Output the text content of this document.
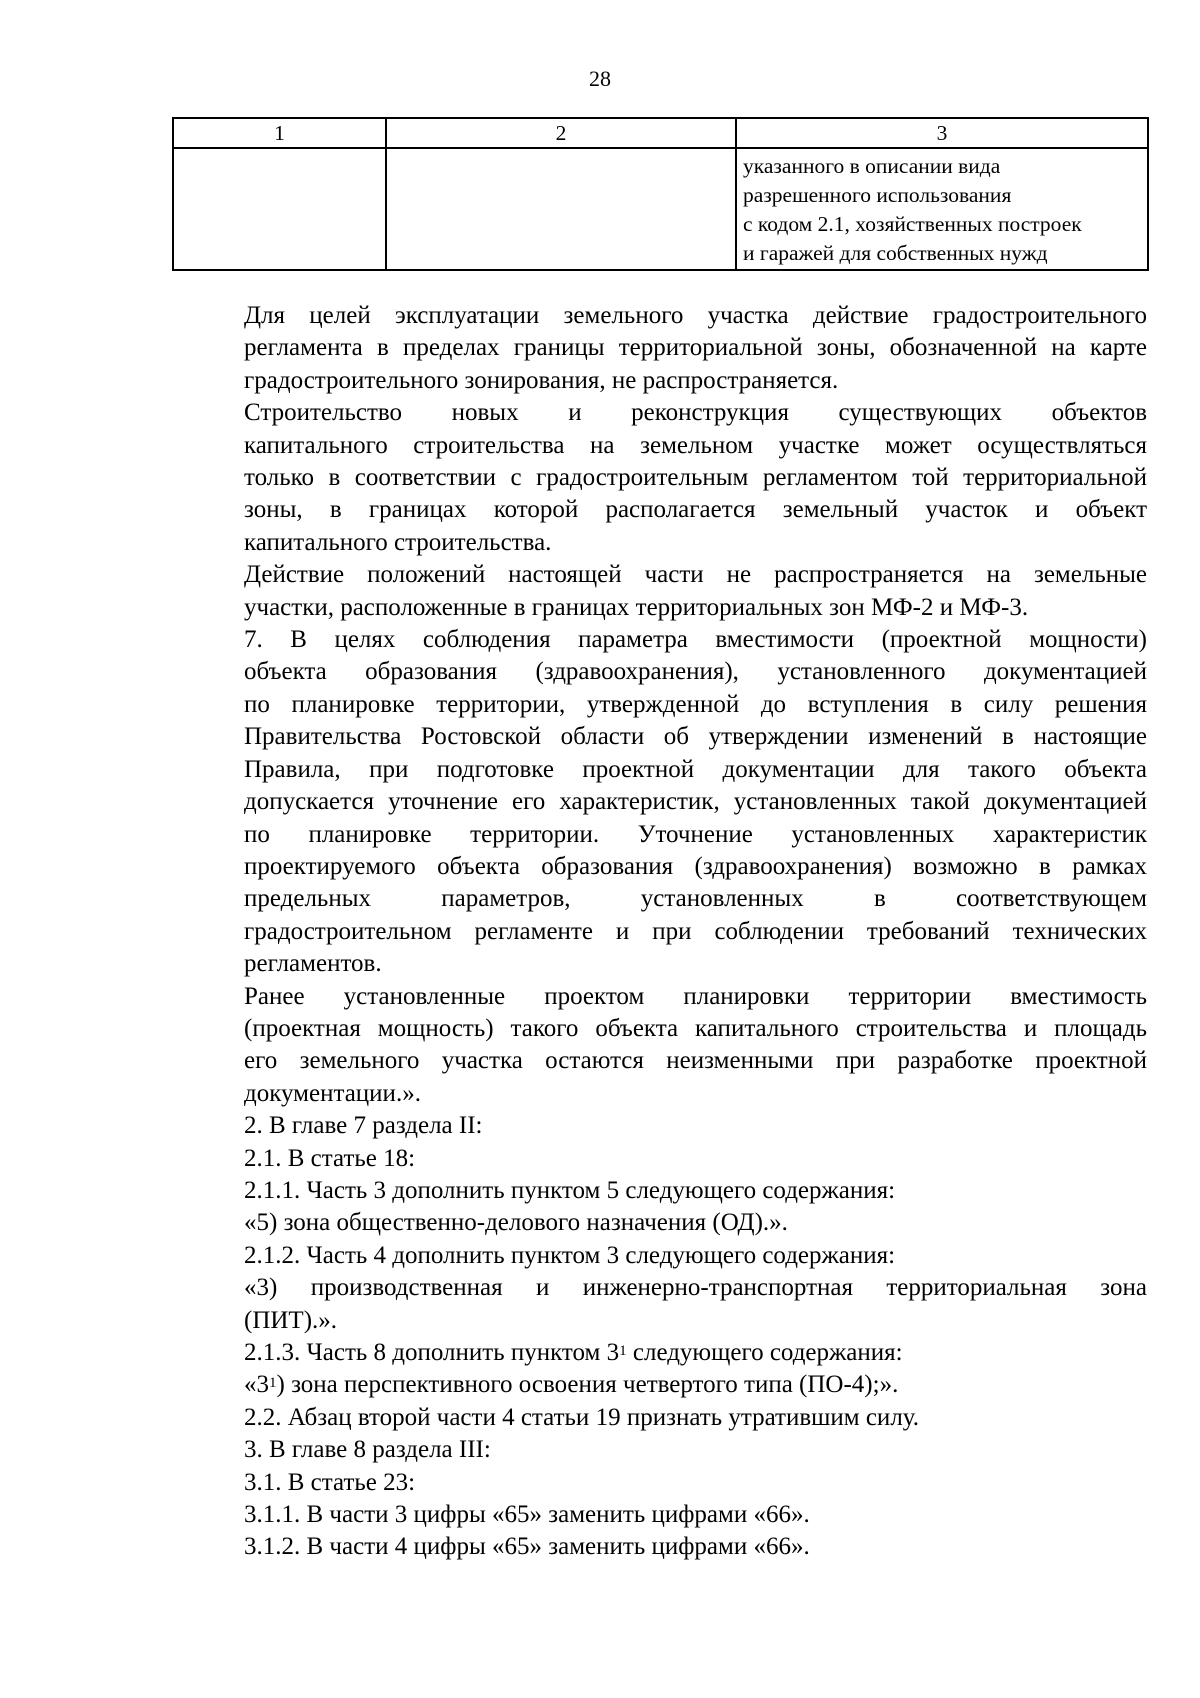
28
1	2	3

		указанного в описании вида
разрешенного использования
с кодом 2.1, хозяйственных построек
и гаражей для собственных нужд

Для целей эксплуатации земельного участка действие градостроительного
регламента в пределах границы территориальной зоны, обозначенной на карте
градостроительного зонирования, не распространяется.

Строительство новых и реконструкция существующих объектов
капитального строительства на земельном участке может осуществляться
только в соответствии с градостроительным регламентом той территориальной
зоны, в границах которой располагается земельный участок и объект
капитального строительства.

Действие положений настоящей части не распространяется на земельные
участки, расположенные в границах территориальных зон МФ-2 и МФ-3.

7. В целях соблюдения параметра вместимости (проектной мощности)
объекта образования (здравоохранения), установленного документацией
по планировке территории, утвержденной до вступления в силу решения
Правительства Ростовской области об утверждении изменений в настоящие
Правила, при подготовке проектной документации для такого объекта
допускается уточнение его характеристик, установленных такой документацией
по планировке территории. Уточнение установленных характеристик
проектируемого объекта образования (здравоохранения) возможно в рамках
предельных параметров, установленных в соответствующем
градостроительном регламенте и при соблюдении требований технических
регламентов.

Ранее установленные проектом планировки территории вместимость
(проектная мощность) такого объекта капитального строительства и площадь
его земельного участка остаются неизменными при разработке проектной
документации.».

2. В главе 7 раздела II:

2.1. В статье 18:

2.1.1. Часть 3 дополнить пунктом 5 следующего содержания:

«5) зона общественно-делового назначения (ОД).».

2.1.2. Часть 4 дополнить пунктом 3 следующего содержания:

«3) производственная и инженерно-транспортная территориальная зона
(ПИТ).».

2.1.3. Часть 8 дополнить пунктом $3^1$ следующего содержания:

«$3^1$) зона перспективного освоения четвертого типа (ПО-4);».

2.2. Абзац второй части 4 статьи 19 признать утратившим силу.

3. В главе 8 раздела III:

3.1. В статье 23:

3.1.1. В части 3 цифры «65» заменить цифрами «66».

3.1.2. В части 4 цифры «65» заменить цифрами «66».
